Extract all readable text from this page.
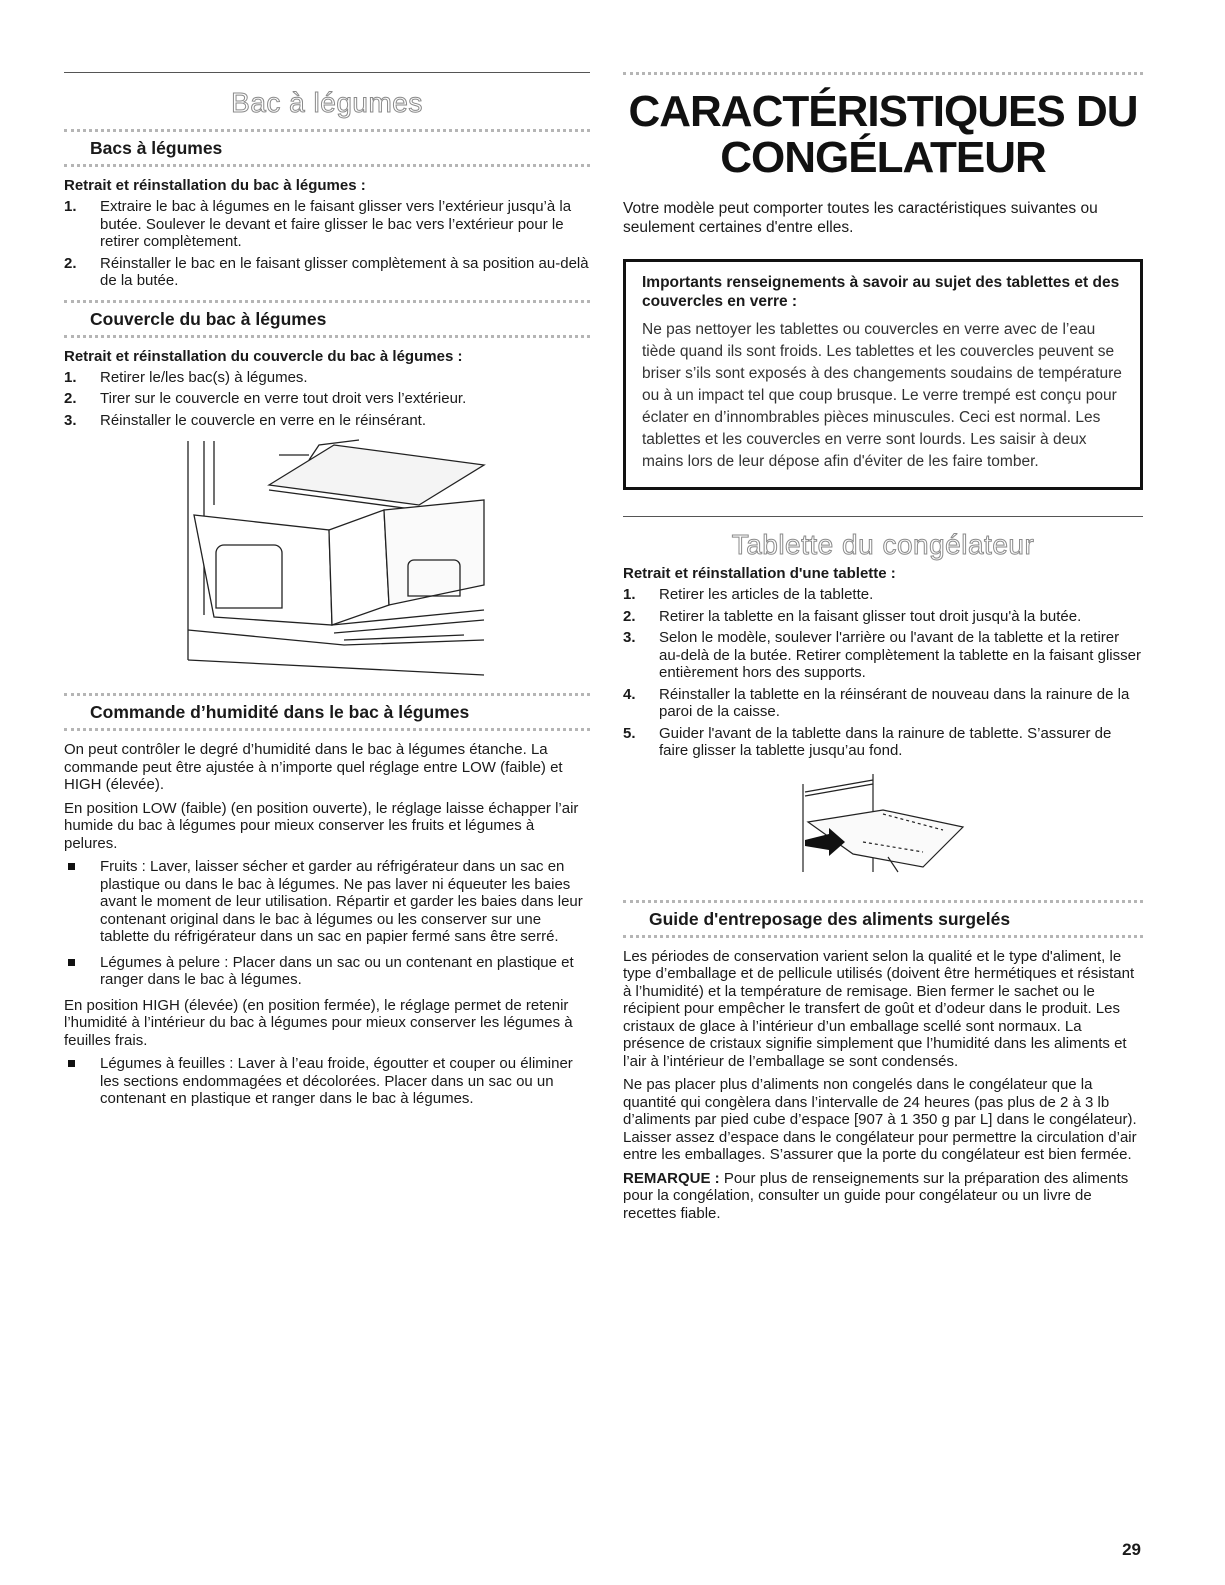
Bac à légumes
Bacs à légumes
Retrait et réinstallation du bac à légumes :
1. Extraire le bac à légumes en le faisant glisser vers l’extérieur jusqu’à la butée. Soulever le devant et faire glisser le bac vers l’extérieur pour le retirer complètement.
2. Réinstaller le bac en le faisant glisser complètement à sa position au-delà de la butée.
Couvercle du bac à légumes
Retrait et réinstallation du couvercle du bac à légumes :
1. Retirer le/les bac(s) à légumes.
2. Tirer sur le couvercle en verre tout droit vers l’extérieur.
3. Réinstaller le couvercle en verre en le réinsérant.
Commande d’humidité dans le bac à légumes

On peut contrôler le degré d’humidité dans le bac à légumes étanche. La commande peut être ajustée à n’importe quel réglage entre LOW (faible) et HIGH (élevée).

En position LOW (faible) (en position ouverte), le réglage laisse échapper l’air humide du bac à légumes pour mieux conserver les fruits et légumes à pelures.

Fruits : Laver, laisser sécher et garder au réfrigérateur dans un sac en plastique ou dans le bac à légumes. Ne pas laver ni équeuter les baies avant le moment de leur utilisation. Répartir et garder les baies dans leur contenant original dans le bac à légumes ou les conserver sur une tablette du réfrigérateur dans un sac en papier fermé sans être serré.
Légumes à pelure : Placer dans un sac ou un contenant en plastique et ranger dans le bac à légumes.

En position HIGH (élevée) (en position fermée), le réglage permet de retenir l’humidité à l’intérieur du bac à légumes pour mieux conserver les légumes à feuilles frais.

Légumes à feuilles : Laver à l’eau froide, égoutter et couper ou éliminer les sections endommagées et décolorées. Placer dans un sac ou un contenant en plastique et ranger dans le bac à légumes.
CARACTÉRISTIQUES DU
CONGÉLATEUR

Votre modèle peut comporter toutes les caractéristiques suivantes ou seulement certaines d'entre elles.

Importants renseignements à savoir au sujet des tablettes et des couvercles en verre :
Ne pas nettoyer les tablettes ou couvercles en verre avec de l’eau tiède quand ils sont froids. Les tablettes et les couvercles peuvent se briser s’ils sont exposés à des changements soudains de température ou à un impact tel que coup brusque. Le verre trempé est conçu pour éclater en d’innombrables pièces minuscules. Ceci est normal. Les tablettes et les couvercles en verre sont lourds. Les saisir à deux mains lors de leur dépose afin d'éviter de les faire tomber.
Tablette du congélateur
Retrait et réinstallation d'une tablette :
1. Retirer les articles de la tablette.
2. Retirer la tablette en la faisant glisser tout droit jusqu'à la butée.
3. Selon le modèle, soulever l'arrière ou l'avant de la tablette et la retirer au-delà de la butée. Retirer complètement la tablette en la faisant glisser entièrement hors des supports.
4. Réinstaller la tablette en la réinsérant de nouveau dans la rainure de la paroi de la caisse.
5. Guider l'avant de la tablette dans la rainure de tablette. S’assurer de faire glisser la tablette jusqu’au fond.
Guide d'entreposage des aliments surgelés

Les périodes de conservation varient selon la qualité et le type d'aliment, le type d’emballage et de pellicule utilisés (doivent être hermétiques et résistant à l’humidité) et la température de remisage. Bien fermer le sachet ou le récipient pour empêcher le transfert de goût et d’odeur dans le produit. Les cristaux de glace à l’intérieur d’un emballage scellé sont normaux. La présence de cristaux signifie simplement que l’humidité dans les aliments et l’air à l’intérieur de l’emballage se sont condensés.

Ne pas placer plus d’aliments non congelés dans le congélateur que la quantité qui congèlera dans l’intervalle de 24 heures (pas plus de 2 à 3 lb d’aliments par pied cube d’espace [907 à 1 350 g par L] dans le congélateur). Laisser assez d’espace dans le congélateur pour permettre la circulation d’air entre les emballages. S’assurer que la porte du congélateur est bien fermée.

REMARQUE : Pour plus de renseignements sur la préparation des aliments pour la congélation, consulter un guide pour congélateur ou un livre de recettes fiable.

29
